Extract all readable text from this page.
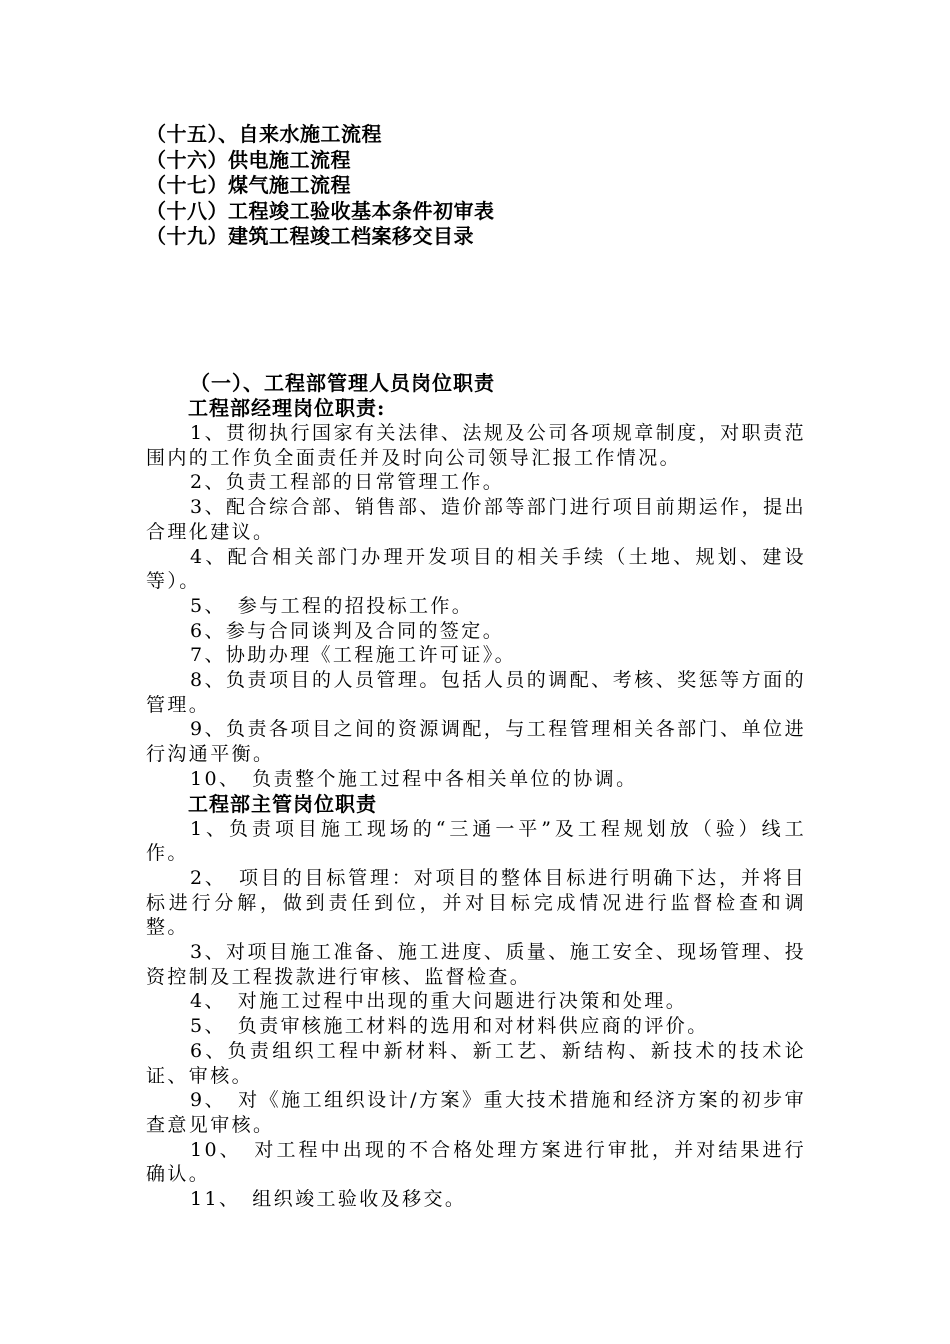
（十五）、自来水施工流程
（十六）供电施工流程
（十七）煤气施工流程
（十八）工程竣工验收基本条件初审表
（十九）建筑工程竣工档案移交目录
（一）、工程部管理人员岗位职责
工程部经理岗位职责:

1、贯彻执行国家有关法律、法规及公司各项规章制度，对职责范围内的工作负全面责任并及时向公司领导汇报工作情况。

2、负责工程部的日常管理工作。

3、配合综合部、销售部、造价部等部门进行项目前期运作，提出合理化建议。

4、配合相关部门办理开发项目的相关手续（土地、规划、建设等）。

5、　参与工程的招投标工作。

6、参与合同谈判及合同的签定。

7、协助办理《工程施工许可证》。

8、负责项目的人员管理。包括人员的调配、考核、奖惩等方面的管理。

9、负责各项目之间的资源调配，与工程管理相关各部门、单位进行沟通平衡。

10、　负责整个施工过程中各相关单位的协调。

工程部主管岗位职责

1、负责项目施工现场的“三通一平”及工程规划放（验）线工作。

2、　项目的目标管理：对项目的整体目标进行明确下达，并将目标进行分解，做到责任到位，并对目标完成情况进行监督检查和调整。

3、对项目施工准备、施工进度、质量、施工安全、现场管理、投资控制及工程拨款进行审核、监督检查。

4、　对施工过程中出现的重大问题进行决策和处理。

5、　负责审核施工材料的选用和对材料供应商的评价。

6、负责组织工程中新材料、新工艺、新结构、新技术的技术论证、审核。

9、　对《施工组织设计/方案》重大技术措施和经济方案的初步审查意见审核。

10、　对工程中出现的不合格处理方案进行审批，并对结果进行确认。

11、　组织竣工验收及移交。
